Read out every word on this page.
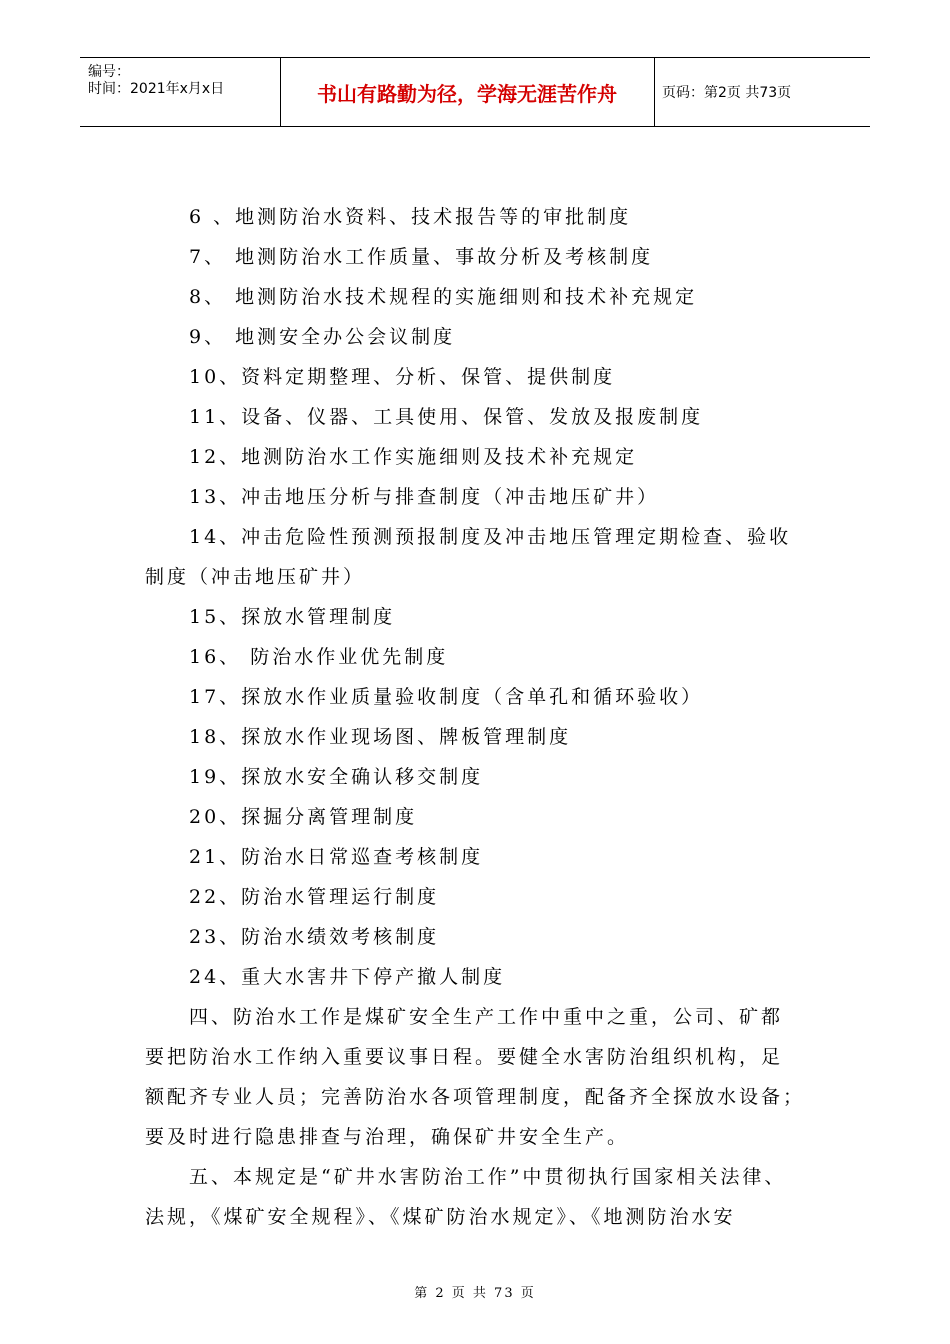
编号：
时间：2021年x月x日	书山有路勤为径，学海无涯苦作舟	页码：第2页 共73页
6 、地测防治水资料、技术报告等的审批制度
7、 地测防治水工作质量、事故分析及考核制度
8、 地测防治水技术规程的实施细则和技术补充规定
9、 地测安全办公会议制度
10、资料定期整理、分析、保管、提供制度
11、设备、仪器、工具使用、保管、发放及报废制度
12、地测防治水工作实施细则及技术补充规定
13、冲击地压分析与排查制度（冲击地压矿井）
14、冲击危险性预测预报制度及冲击地压管理定期检查、验收
制度（冲击地压矿井）
15、探放水管理制度
16、 防治水作业优先制度
17、探放水作业质量验收制度（含单孔和循环验收）
18、探放水作业现场图、牌板管理制度
19、探放水安全确认移交制度
20、探掘分离管理制度
21、防治水日常巡查考核制度
22、防治水管理运行制度
23、防治水绩效考核制度
24、重大水害井下停产撤人制度
四、防治水工作是煤矿安全生产工作中重中之重，公司、矿都
要把防治水工作纳入重要议事日程。要健全水害防治组织机构，足
额配齐专业人员；完善防治水各项管理制度，配备齐全探放水设备；
要及时进行隐患排查与治理，确保矿井安全生产。
五、本规定是“矿井水害防治工作”中贯彻执行国家相关法律、
法规，《煤矿安全规程》、《煤矿防治水规定》、《地测防治水安
第 2 页 共 73 页
